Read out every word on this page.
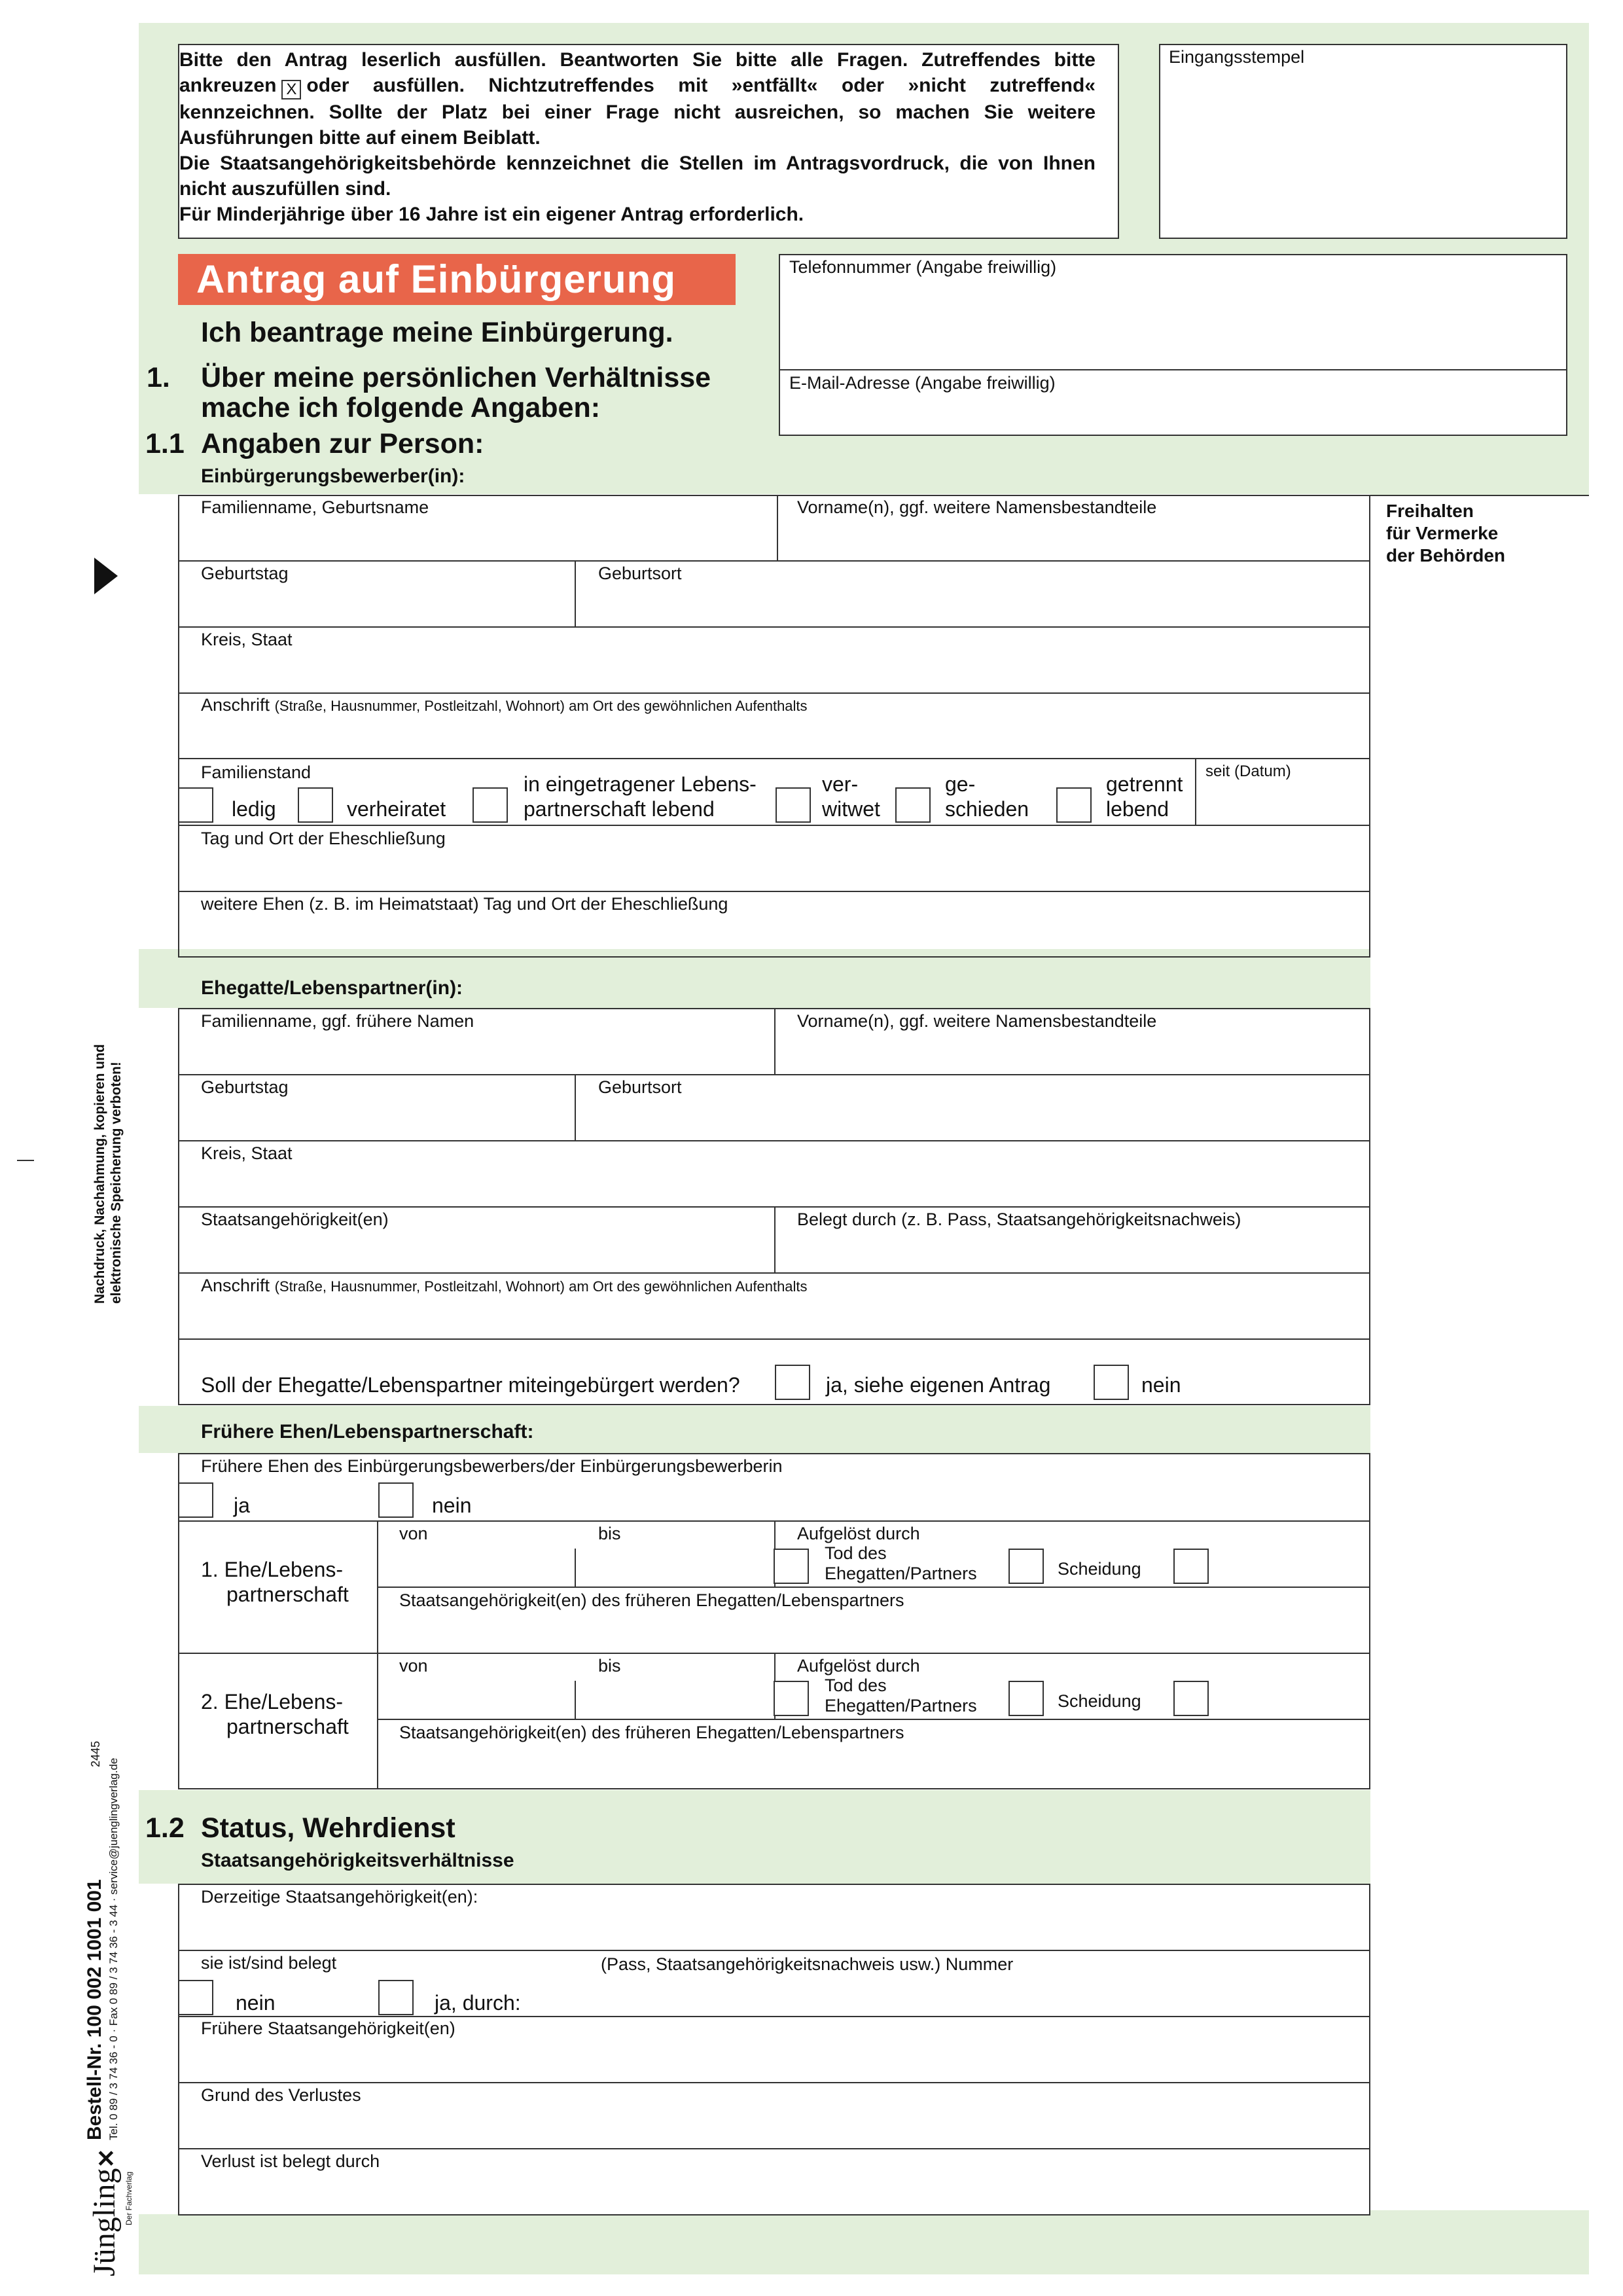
Bitte den Antrag leserlich ausfüllen. Beantworten Sie bitte alle Fragen. Zutreffendes bitte ankreuzen X oder ausfüllen. Nichtzutreffendes mit »entfällt« oder »nicht zutreffend« kennzeichnen. Sollte der Platz bei einer Frage nicht ausreichen, so machen Sie weitere Ausführungen bitte auf einem Beiblatt.

Die Staatsangehörigkeitsbehörde kennzeichnet die Stellen im Antragsvordruck, die von Ihnen nicht auszufüllen sind.

Für Minderjährige über 16 Jahre ist ein eigener Antrag erforderlich.

Eingangsstempel
Antrag auf Einbürgerung	Telefonnummer (Angabe freiwillig)
E-Mail-Adresse (Angabe freiwillig)
Ich beantrage meine Einbürgerung.
1. Über meine persönlichen Verhältnisse
mache ich folgende Angaben:
1.1 Angaben zur Person:
Einbürgerungsbewerber(in):
Freihalten
für Vermerke
der Behörden
Familienname, Geburtsname	Vorname(n), ggf. weitere Namensbestandteile
Geburtstag	Geburtsort
Kreis, Staat
Anschrift (Straße, Hausnummer, Postleitzahl, Wohnort) am Ort des gewöhnlichen Aufenthalts
Familienstand
ledig	verheiratet
in eingetragener Lebens-
partnerschaft lebend
ver-
witwet
ge-
schieden
getrennt
lebend
seit (Datum)
Tag und Ort der Eheschließung
weitere Ehen (z. B. im Heimatstaat) Tag und Ort der Eheschließung
Ehegatte/Lebenspartner(in):
Familienname, ggf. frühere Namen	Vorname(n), ggf. weitere Namensbestandteile
Geburtstag	Geburtsort
Kreis, Staat
Staatsangehörigkeit(en)	Belegt durch (z. B. Pass, Staatsangehörigkeitsnachweis)
Anschrift (Straße, Hausnummer, Postleitzahl, Wohnort) am Ort des gewöhnlichen Aufenthalts
Soll der Ehegatte/Lebenspartner miteingebürgert werden?	ja, siehe eigenen Antrag	nein
Frühere Ehen/Lebenspartnerschaft:
Frühere Ehen des Einbürgerungsbewerbers/der Einbürgerungsbewerberin
ja	nein
1. Ehe/Lebens-
partnerschaft
von	bis	Aufgelöst durch
Tod des
Ehegatten/Partners	Scheidung
Staatsangehörigkeit(en) des früheren Ehegatten/Lebenspartners
2. Ehe/Lebens-
partnerschaft
von	bis	Aufgelöst durch
Tod des
Ehegatten/Partners	Scheidung
Staatsangehörigkeit(en) des früheren Ehegatten/Lebenspartners
1.2 Status, Wehrdienst
Staatsangehörigkeitsverhältnisse
Derzeitige Staatsangehörigkeit(en):
sie ist/sind belegt	(Pass, Staatsangehörigkeitsnachweis usw.) Nummer
nein	ja, durch:
Frühere Staatsangehörigkeit(en)
Grund des Verlustes
Verlust ist belegt durch
Nachdruck, Nachahmung, kopieren und elektronische Speicherung verboten!
2445
Bestell-Nr. 100 002 1001 001 Tel. 0 89 / 3 74 36 - 0 · Fax 0 89 / 3 74 36 - 3 44 · service@juenglingverlag.de
Jüngling✕
Der Fachverlag
